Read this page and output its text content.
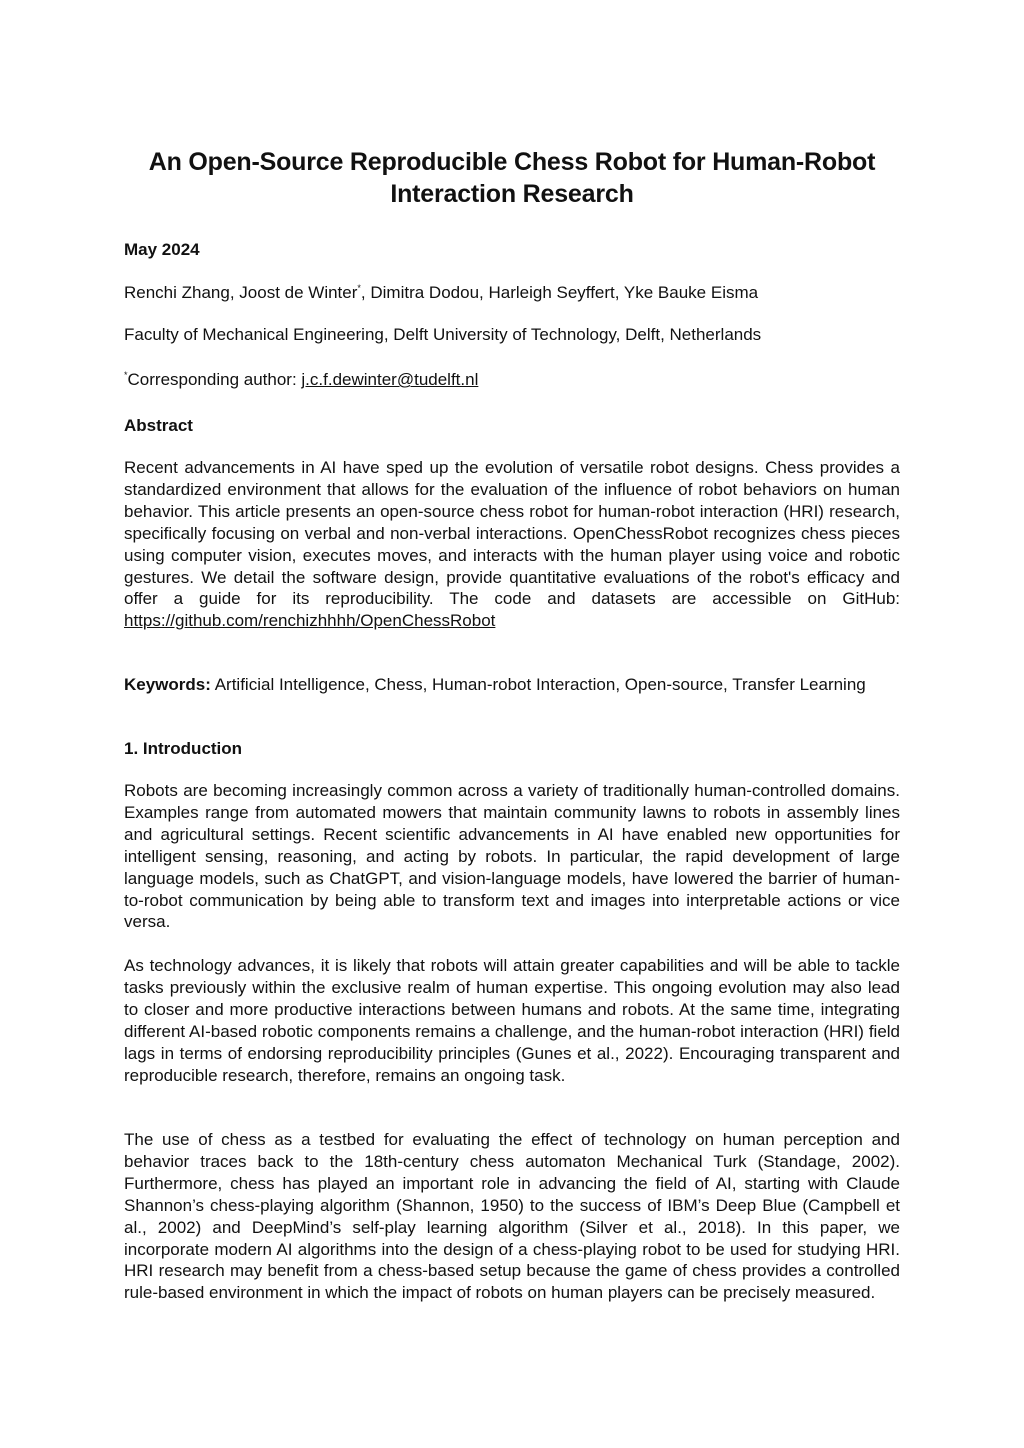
An Open-Source Reproducible Chess Robot for Human-Robot Interaction Research
May 2024
Renchi Zhang, Joost de Winter*, Dimitra Dodou, Harleigh Seyffert, Yke Bauke Eisma
Faculty of Mechanical Engineering, Delft University of Technology, Delft, Netherlands
*Corresponding author: j.c.f.dewinter@tudelft.nl
Abstract
Recent advancements in AI have sped up the evolution of versatile robot designs. Chess provides a standardized environment that allows for the evaluation of the influence of robot behaviors on human behavior. This article presents an open-source chess robot for human-robot interaction (HRI) research, specifically focusing on verbal and non-verbal interactions. OpenChessRobot recognizes chess pieces using computer vision, executes moves, and interacts with the human player using voice and robotic gestures. We detail the software design, provide quantitative evaluations of the robot's efficacy and offer a guide for its reproducibility. The code and datasets are accessible on GitHub: https://github.com/renchizhhhh/OpenChessRobot
Keywords: Artificial Intelligence, Chess, Human-robot Interaction, Open-source, Transfer Learning
1. Introduction
Robots are becoming increasingly common across a variety of traditionally human-controlled domains. Examples range from automated mowers that maintain community lawns to robots in assembly lines and agricultural settings. Recent scientific advancements in AI have enabled new opportunities for intelligent sensing, reasoning, and acting by robots. In particular, the rapid development of large language models, such as ChatGPT, and vision-language models, have lowered the barrier of human-to-robot communication by being able to transform text and images into interpretable actions or vice versa.
As technology advances, it is likely that robots will attain greater capabilities and will be able to tackle tasks previously within the exclusive realm of human expertise. This ongoing evolution may also lead to closer and more productive interactions between humans and robots. At the same time, integrating different AI-based robotic components remains a challenge, and the human-robot interaction (HRI) field lags in terms of endorsing reproducibility principles (Gunes et al., 2022). Encouraging transparent and reproducible research, therefore, remains an ongoing task.
The use of chess as a testbed for evaluating the effect of technology on human perception and behavior traces back to the 18th-century chess automaton Mechanical Turk (Standage, 2002). Furthermore, chess has played an important role in advancing the field of AI, starting with Claude Shannon’s chess-playing algorithm (Shannon, 1950) to the success of IBM’s Deep Blue (Campbell et al., 2002) and DeepMind’s self-play learning algorithm (Silver et al., 2018). In this paper, we incorporate modern AI algorithms into the design of a chess-playing robot to be used for studying HRI. HRI research may benefit from a chess-based setup because the game of chess provides a controlled rule-based environment in which the impact of robots on human players can be precisely measured.
